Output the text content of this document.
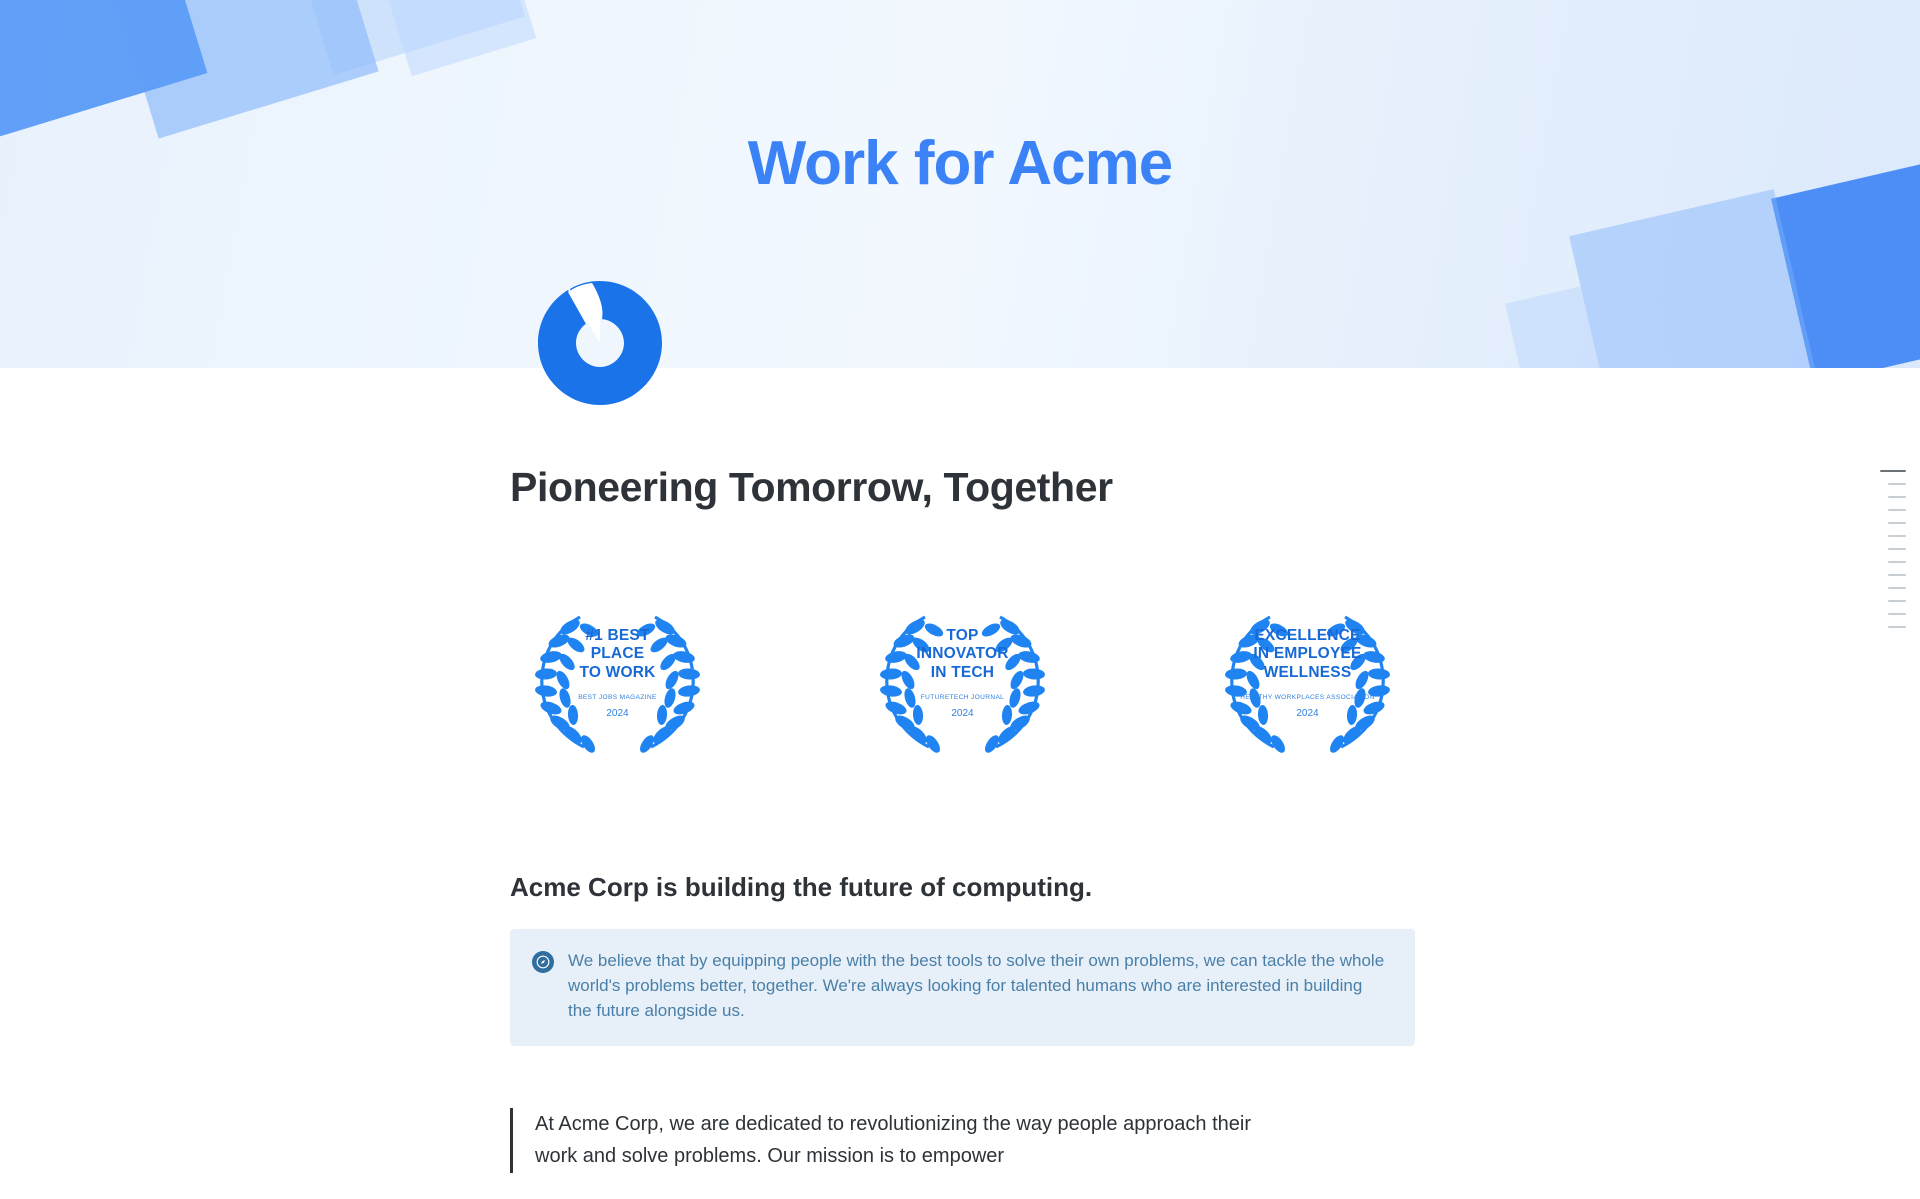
Work for Acme
Pioneering Tomorrow, Together
#1 BEST
PLACE
TO WORK
BEST JOBS MAGAZINE
2024
TOP
INNOVATOR
IN TECH
FUTURETECH JOURNAL
2024
EXCELLENCE
IN EMPLOYEE
WELLNESS
HEALTHY WORKPLACES ASSOCIATION
2024
Acme Corp is building the future of computing.
We believe that by equipping people with the best tools to solve their own problems, we can tackle the whole world's problems better, together. We're always looking for talented humans who are interested in building the future alongside us.
At Acme Corp, we are dedicated to revolutionizing the way people approach their work and solve problems. Our mission is to empower
